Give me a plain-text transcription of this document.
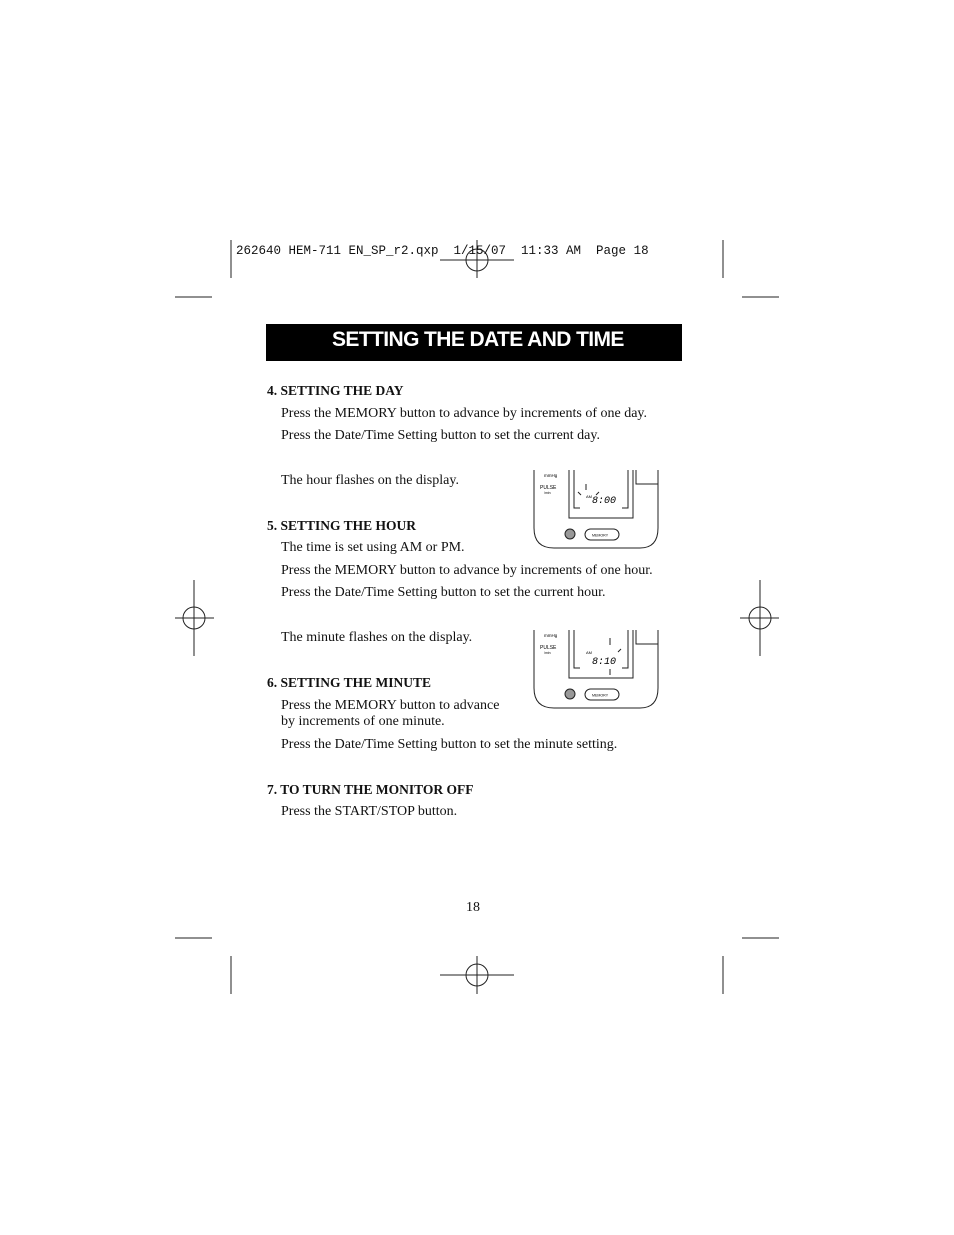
262640 HEM-711 EN_SP_r2.qxp  1/15/07  11:33 AM  Page 18
SETTING THE DATE AND TIME
4. SETTING THE DAY
Press the MEMORY button to advance by increments of one day.
Press the Date/Time Setting button to set the current day.
The hour flashes on the display.
5. SETTING THE HOUR
The time is set using AM or PM.
Press the MEMORY button to advance by increments of one hour.
Press the Date/Time Setting button to set the current hour.
The minute flashes on the display.
6. SETTING THE MINUTE
Press the MEMORY button to advance
by increments of one minute.
Press the Date/Time Setting button to set the minute setting.
7. TO TURN THE MONITOR OFF
Press the START/STOP button.
mmHg
PULSE
/min
AM 8:00
MEMORY
mmHg
PULSE
/min	AM
8:10
MEMORY
18
